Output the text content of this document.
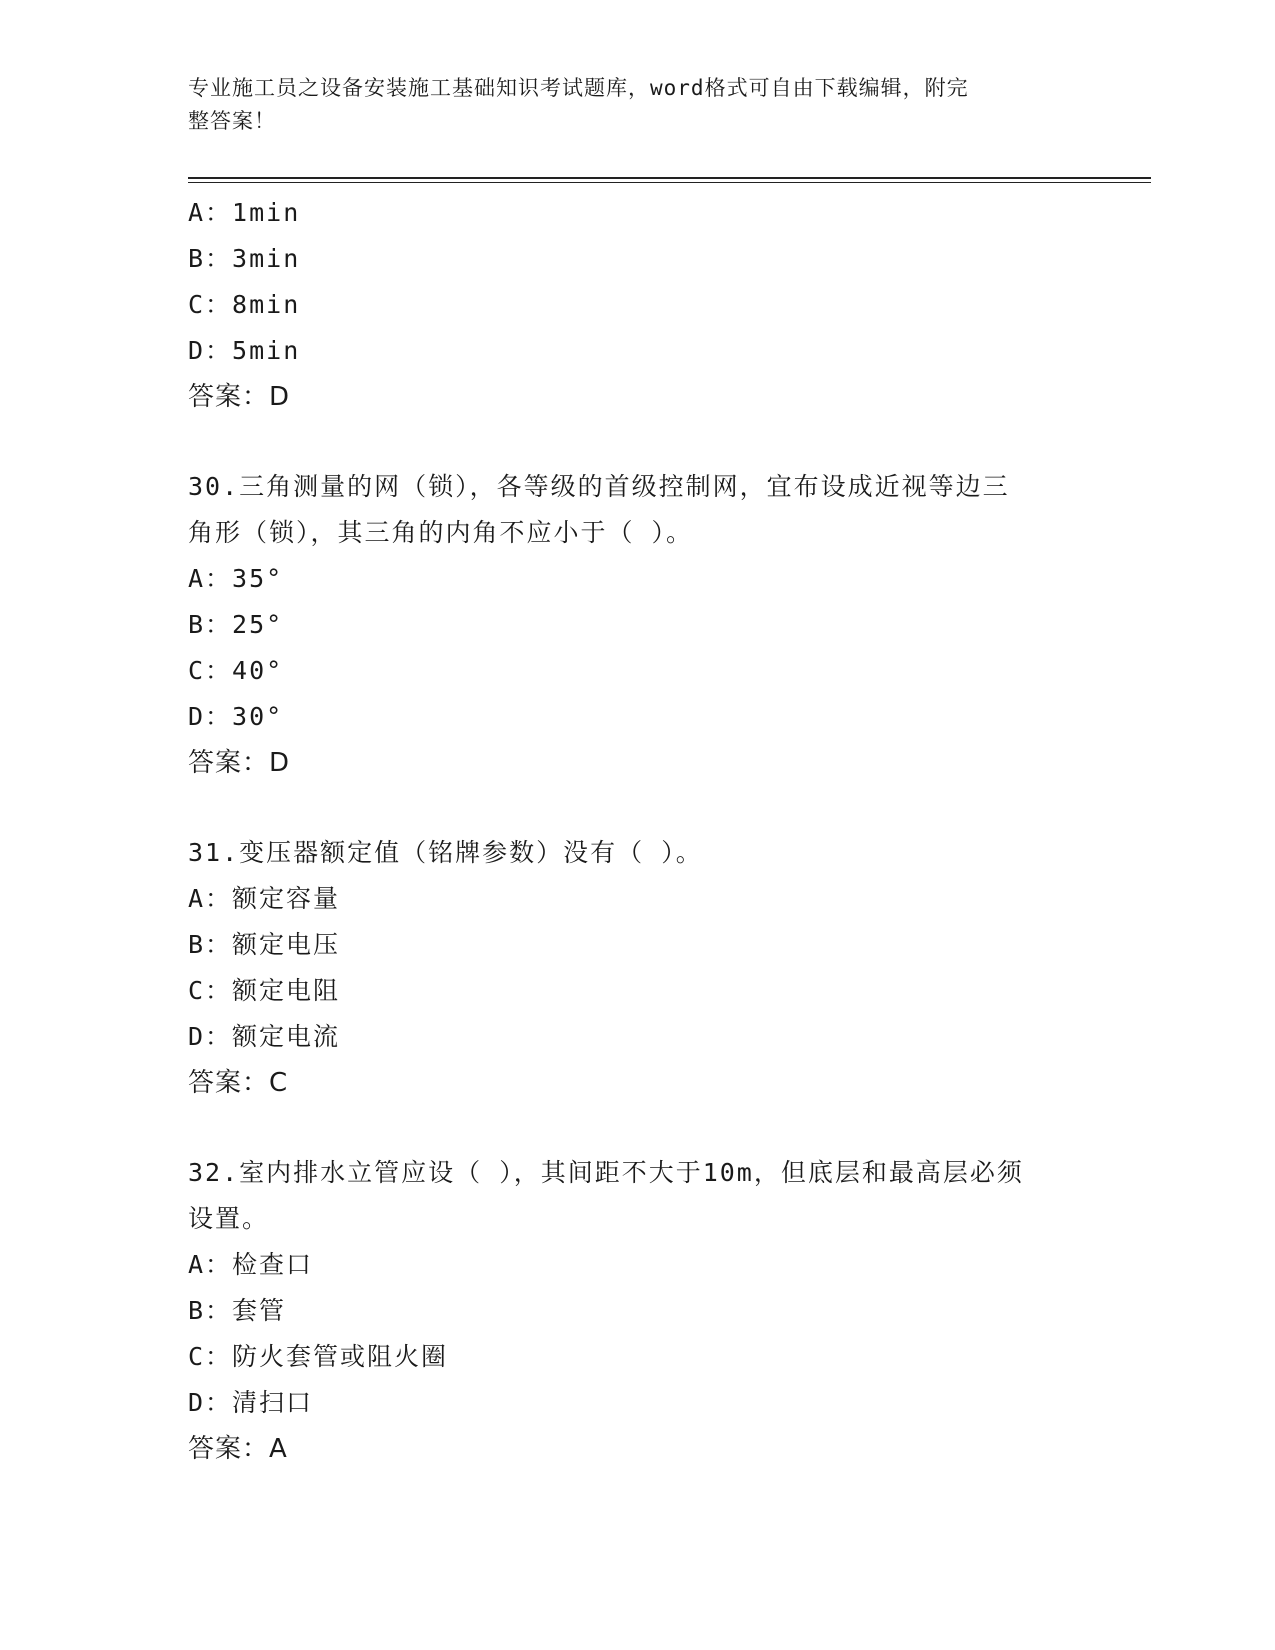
专业施工员之设备安装施工基础知识考试题库，word格式可自由下载编辑，附完
整答案！
A：1min
B：3min
C：8min
D：5min
答案：D
30.三角测量的网（锁），各等级的首级控制网，宜布设成近视等边三
角形（锁），其三角的内角不应小于（ ）。
A：35°
B：25°
C：40°
D：30°
答案：D
31.变压器额定值（铭牌参数）没有（ ）。
A：额定容量
B：额定电压
C：额定电阻
D：额定电流
答案：C
32.室内排水立管应设（ ），其间距不大于10m，但底层和最高层必须
设置。
A：检查口
B：套管
C：防火套管或阻火圈
D：清扫口
答案：A
